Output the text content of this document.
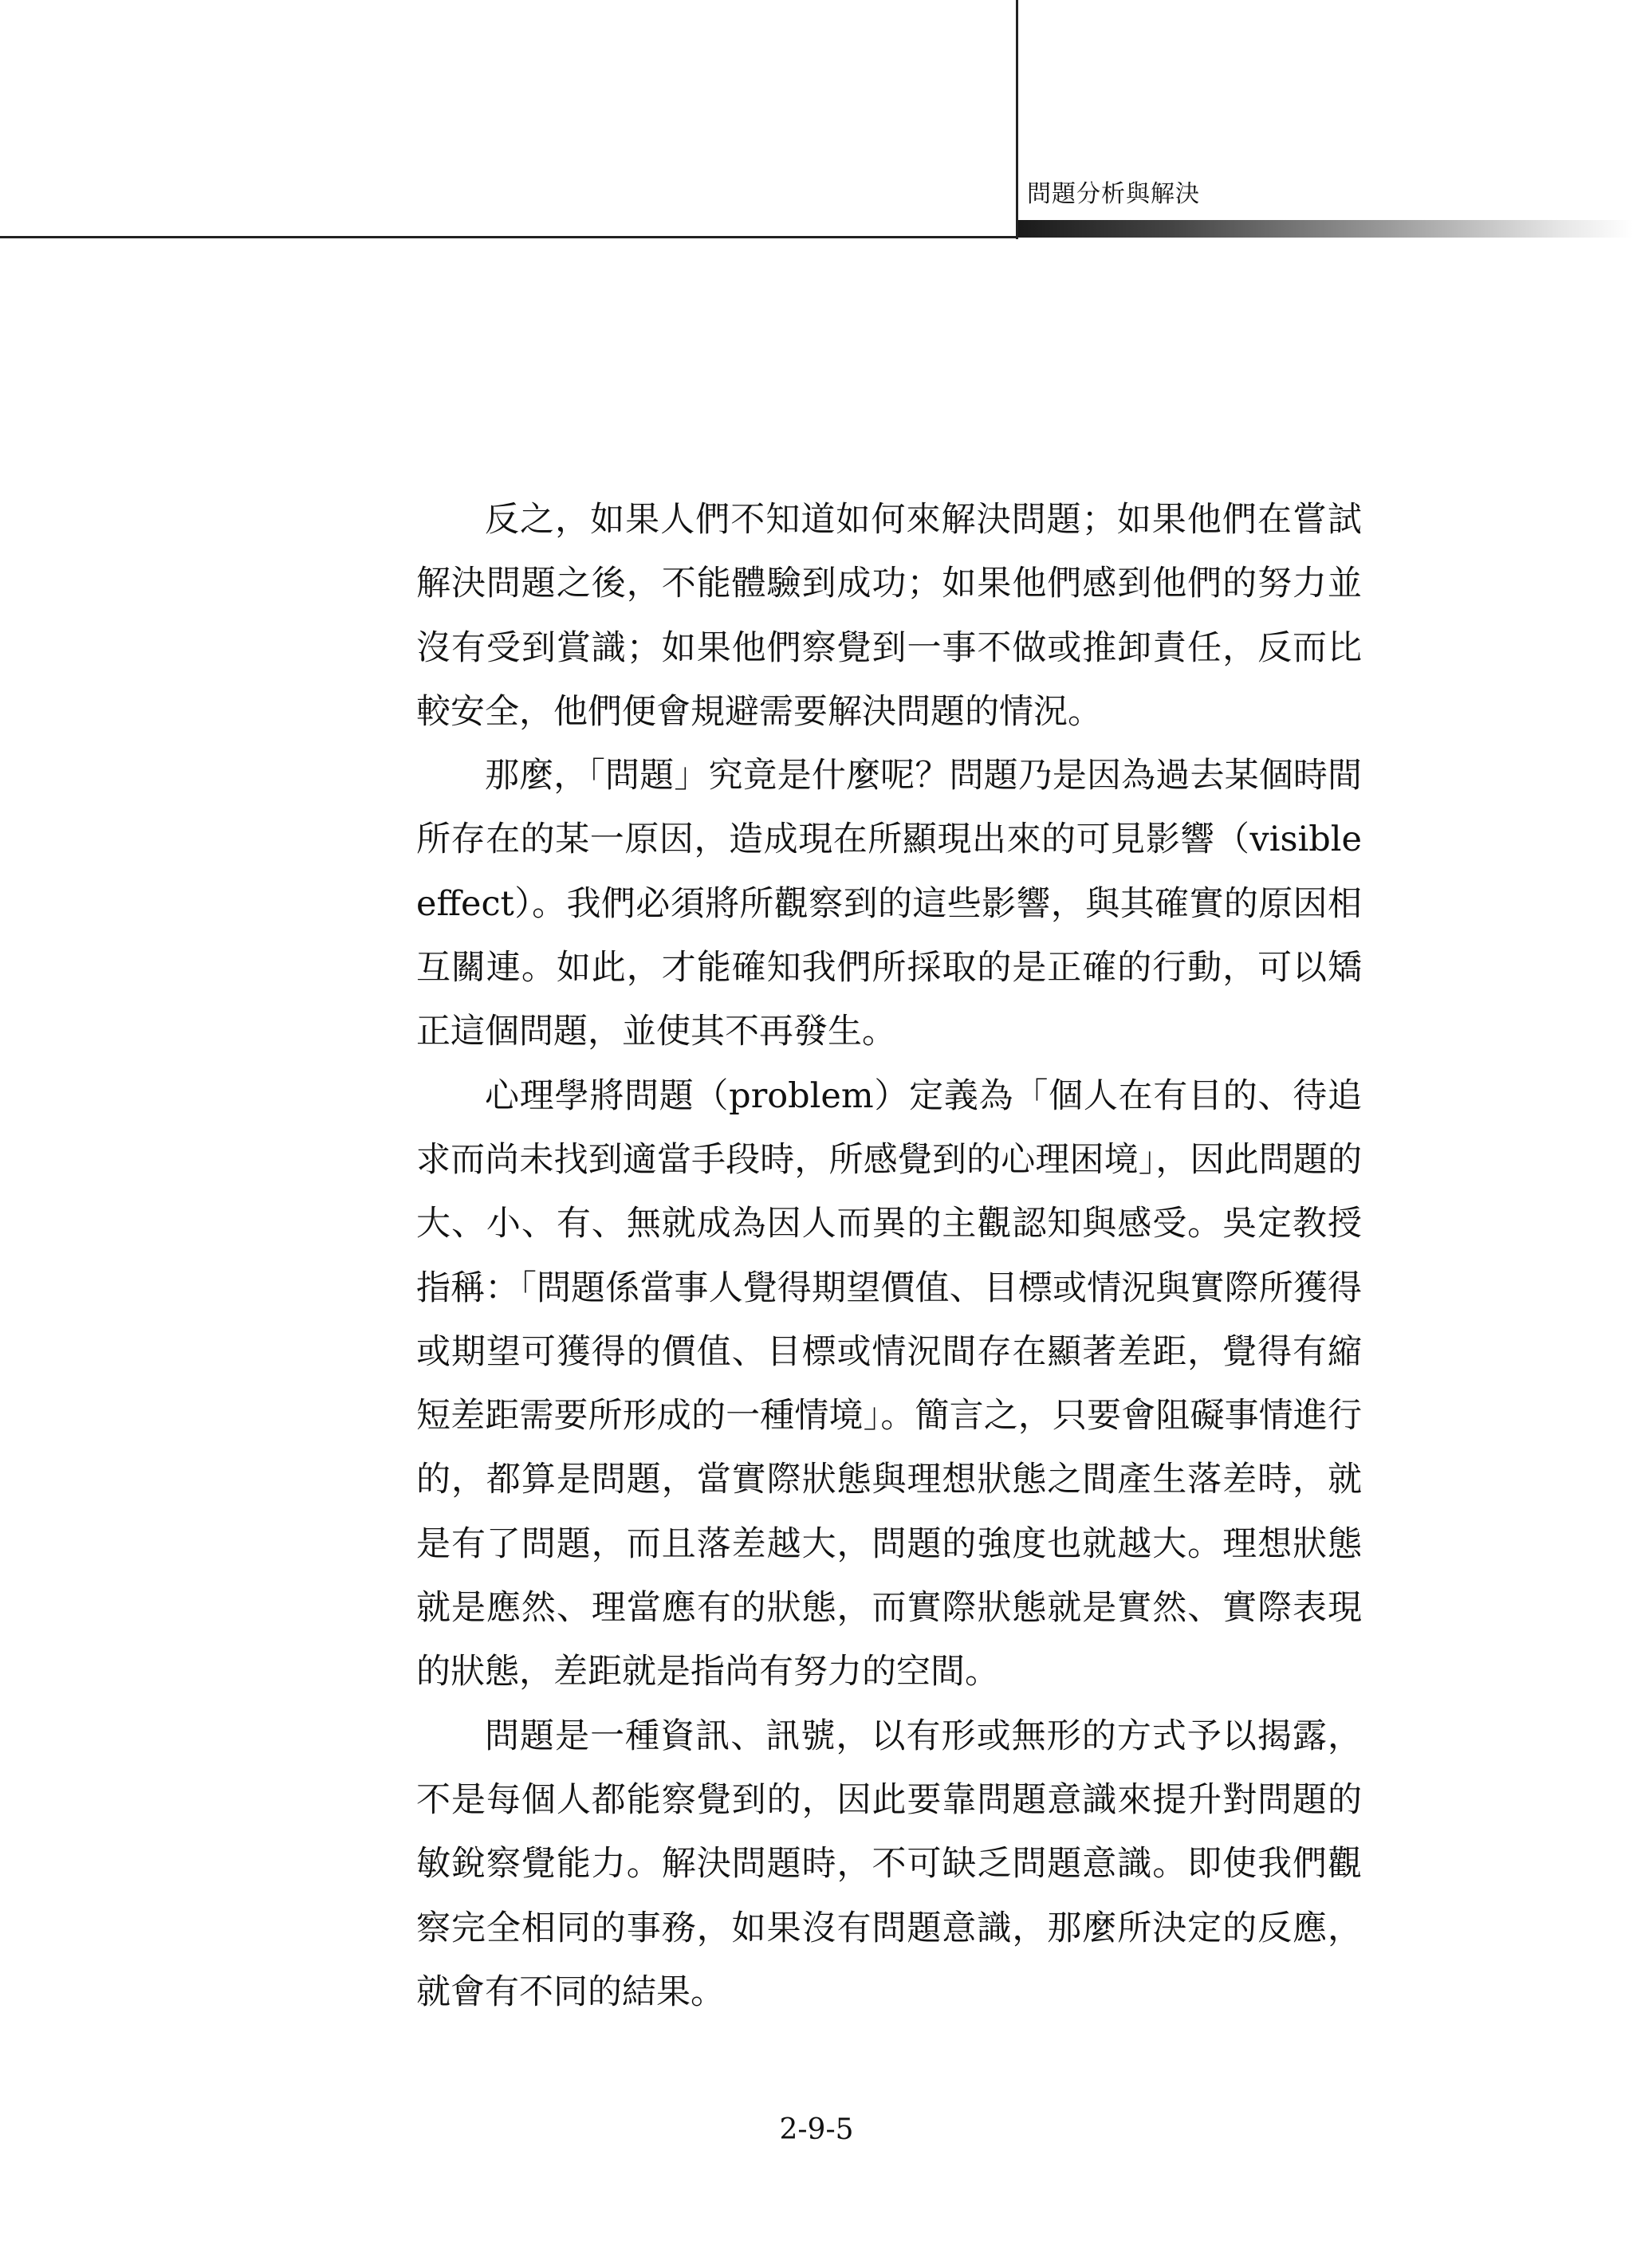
問題分析與解決

反之，如果人們不知道如何來解決問題；如果他們在嘗試解決問題之後，不能體驗到成功；如果他們感到他們的努力並沒有受到賞識；如果他們察覺到一事不做或推卸責任，反而比較安全，他們便會規避需要解決問題的情況。

那麼，「問題」究竟是什麼呢？問題乃是因為過去某個時間所存在的某一原因，造成現在所顯現出來的可見影響（visible effect）。我們必須將所觀察到的這些影響，與其確實的原因相互關連。如此，才能確知我們所採取的是正確的行動，可以矯正這個問題，並使其不再發生。

心理學將問題（problem）定義為「個人在有目的、待追求而尚未找到適當手段時，所感覺到的心理困境」，因此問題的大、小、有、無就成為因人而異的主觀認知與感受。吳定教授指稱：「問題係當事人覺得期望價值、目標或情況與實際所獲得或期望可獲得的價值、目標或情況間存在顯著差距，覺得有縮短差距需要所形成的一種情境」。簡言之，只要會阻礙事情進行的，都算是問題，當實際狀態與理想狀態之間產生落差時，就是有了問題，而且落差越大，問題的強度也就越大。理想狀態就是應然、理當應有的狀態，而實際狀態就是實然、實際表現的狀態，差距就是指尚有努力的空間。

問題是一種資訊、訊號，以有形或無形的方式予以揭露，不是每個人都能察覺到的，因此要靠問題意識來提升對問題的敏銳察覺能力。解決問題時，不可缺乏問題意識。即使我們觀察完全相同的事務，如果沒有問題意識，那麼所決定的反應，就會有不同的結果。

2-9-5
